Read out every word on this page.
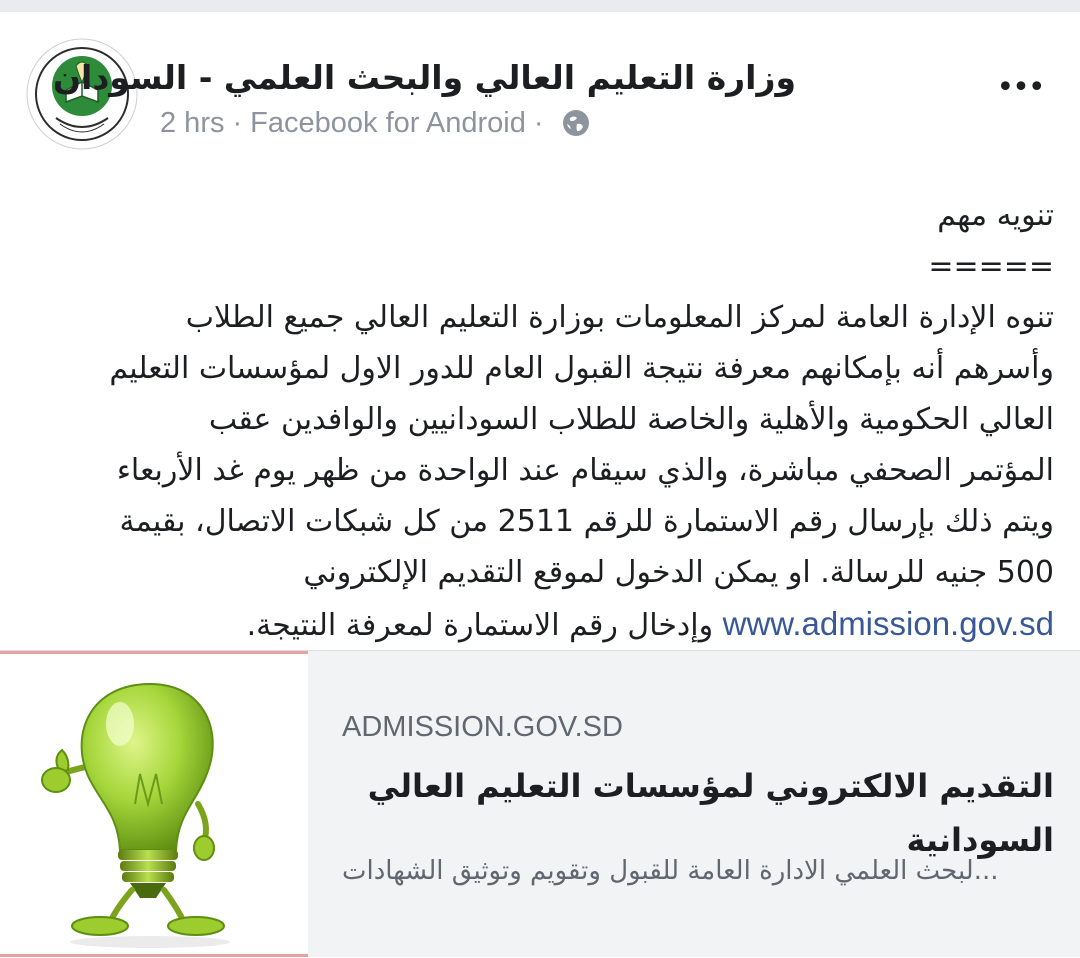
وزارة التعليم العالي والبحث العلمي - السودان
2 hrs · Facebook for Android ·
•••
تنويه مهم
=====
تنوه الإدارة العامة لمركز المعلومات بوزارة التعليم العالي جميع الطلاب
وأسرهم أنه بإمكانهم معرفة نتيجة القبول العام للدور الاول لمؤسسات التعليم
العالي الحكومية والأهلية والخاصة للطلاب السودانيين والوافدين عقب
المؤتمر الصحفي مباشرة، والذي سيقام عند الواحدة من ظهر يوم غد الأربعاء
ويتم ذلك بإرسال رقم الاستمارة للرقم 2511 من كل شبكات الاتصال، بقيمة
500 جنيه للرسالة. او يمكن الدخول لموقع التقديم الإلكتروني
www.admission.gov.sd وإدخال رقم الاستمارة لمعرفة النتيجة.
ADMISSION.GOV.SD
التقديم الالكتروني لمؤسسات التعليم العالي
السودانية
...لبحث العلمي الادارة العامة للقبول وتقويم وتوثيق الشهادات
